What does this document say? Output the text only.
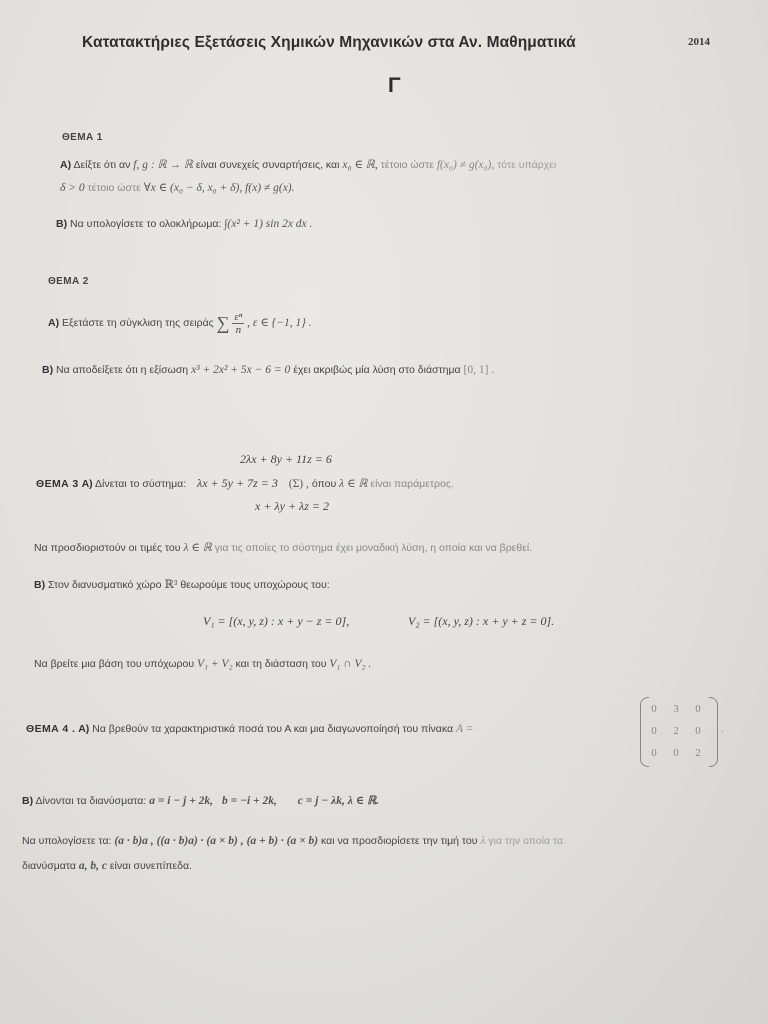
Κατατακτήριες Εξετάσεις Χημικών Μηχανικών στα Αν. Μαθηματικά	2014
Γ
ΘΕΜΑ 1
Α) Δείξτε ότι αν f, g : ℝ → ℝ είναι συνεχείς συναρτήσεις, και x₀ ∈ ℝ, τέτοιο ώστε f(x₀) ≠ g(x₀), τότε υπάρχει
δ > 0 τέτοιο ώστε ∀x ∈ (x₀ − δ, x₀ + δ), f(x) ≠ g(x).
Β) Να υπολογίσετε το ολοκλήρωμα: ∫(x² + 1) sin 2x dx .
ΘΕΜΑ 2
Α) Εξετάστε τη σύγκλιση της σειράς ∑ $\frac{\text{εⁿ}}{n}$ , ε ∈ {−1, 1} .
Β) Να αποδείξετε ότι η εξίσωση x³ + 2x² + 5x − 6 = 0 έχει ακριβώς μία λύση στο διάστημα [0, 1] .
2λx + 8y + 11z = 6
ΘΕΜΑ 3 Α) Δίνεται το σύστημα: λx + 5y + 7z = 3 (Σ) , όπου λ ∈ ℝ είναι παράμετρος.
x + λy + λz = 2
Να προσδιοριστούν οι τιμές του λ ∈ ℝ για τις οποίες το σύστημα έχει μοναδική λύση, η οποία και να βρεθεί.
Β) Στον διανυσματικό χώρο ℝ³ θεωρούμε τους υποχώρους του:
V₁ = [(x, y, z) : x + y − z = 0],	V₂ = [(x, y, z) : x + y + z = 0].
Να βρείτε μια βάση του υπόχωρου V₁ + V₂ και τη διάσταση του V₁ ∩ V₂ .
ΘΕΜΑ 4 . Α) Να βρεθούν τα χαρακτηριστικά ποσά του Α και μια διαγωνοποίησή του πίνακα A =
0	3	0
0	2	0
0	0	2
.
Β) Δίνονται τα διανύσματα: a = i − j + 2k, b = −i + 2k, c = j − λk, λ ∈ ℝ.
Να υπολογίσετε τα: (a · b)a , ((a · b)a) · (a × b) , (a + b) · (a × b) και να προσδιορίσετε την τιμή του λ για την οποία τα
διανύσματα a, b, c είναι συνεπίπεδα.
